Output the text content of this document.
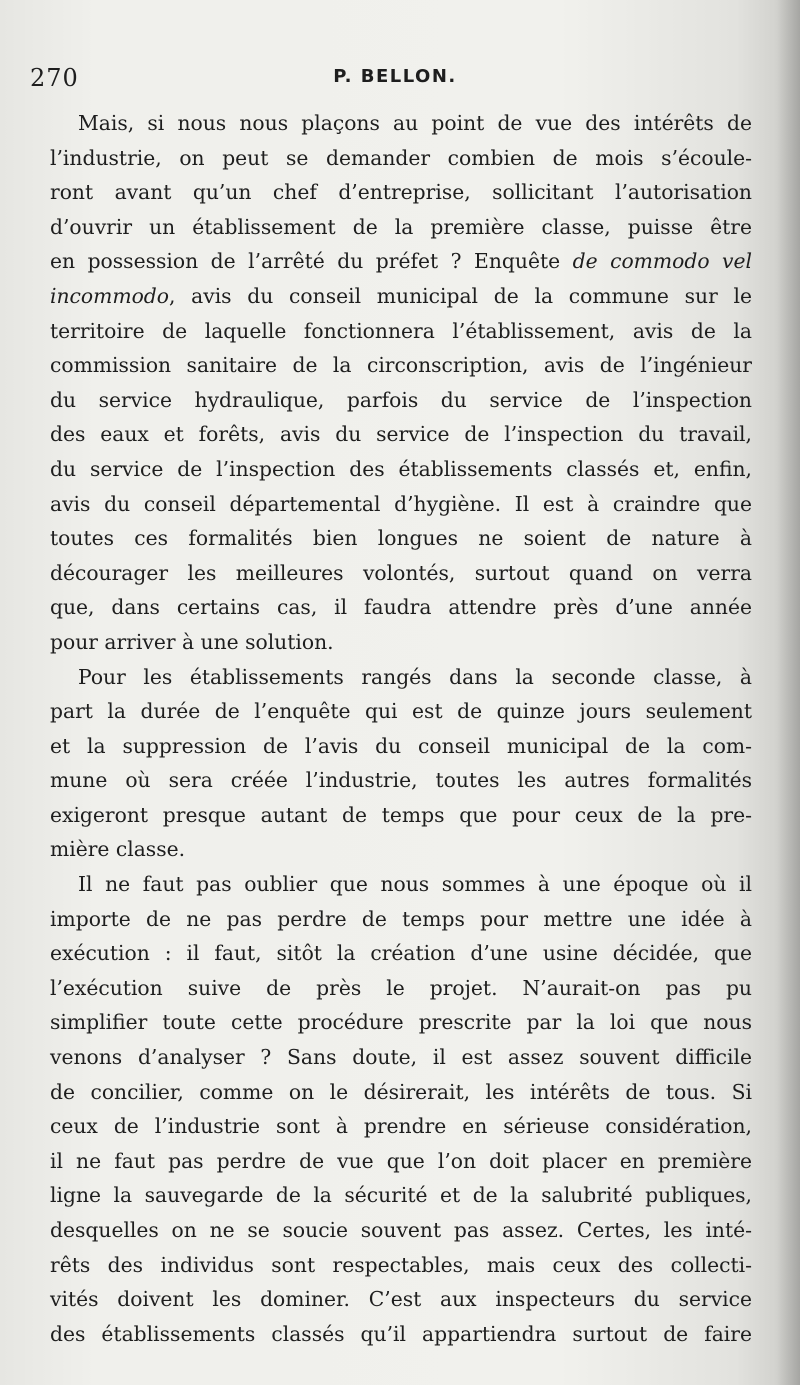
270	P. BELLON.
Mais, si nous nous plaçons au point de vue des intérêts de
l’industrie, on peut se demander combien de mois s’écoule-
ront avant qu’un chef d’entreprise, sollicitant l’autorisation
d’ouvrir un établissement de la première classe, puisse être
en possession de l’arrêté du préfet ? Enquête de commodo vel
incommodo, avis du conseil municipal de la commune sur le
territoire de laquelle fonctionnera l’établissement, avis de la
commission sanitaire de la circonscription, avis de l’ingénieur
du service hydraulique, parfois du service de l’inspection
des eaux et forêts, avis du service de l’inspection du travail,
du service de l’inspection des établissements classés et, enfin,
avis du conseil départemental d’hygiène. Il est à craindre que
toutes ces formalités bien longues ne soient de nature à
décourager les meilleures volontés, surtout quand on verra
que, dans certains cas, il faudra attendre près d’une année
pour arriver à une solution.
Pour les établissements rangés dans la seconde classe, à
part la durée de l’enquête qui est de quinze jours seulement
et la suppression de l’avis du conseil municipal de la com-
mune où sera créée l’industrie, toutes les autres formalités
exigeront presque autant de temps que pour ceux de la pre-
mière classe.
Il ne faut pas oublier que nous sommes à une époque où il
importe de ne pas perdre de temps pour mettre une idée à
exécution : il faut, sitôt la création d’une usine décidée, que
l’exécution suive de près le projet. N’aurait-on pas pu
simplifier toute cette procédure prescrite par la loi que nous
venons d’analyser ? Sans doute, il est assez souvent difficile
de concilier, comme on le désirerait, les intérêts de tous. Si
ceux de l’industrie sont à prendre en sérieuse considération,
il ne faut pas perdre de vue que l’on doit placer en première
ligne la sauvegarde de la sécurité et de la salubrité publiques,
desquelles on ne se soucie souvent pas assez. Certes, les inté-
rêts des individus sont respectables, mais ceux des collecti-
vités doivent les dominer. C’est aux inspecteurs du service
des établissements classés qu’il appartiendra surtout de faire
